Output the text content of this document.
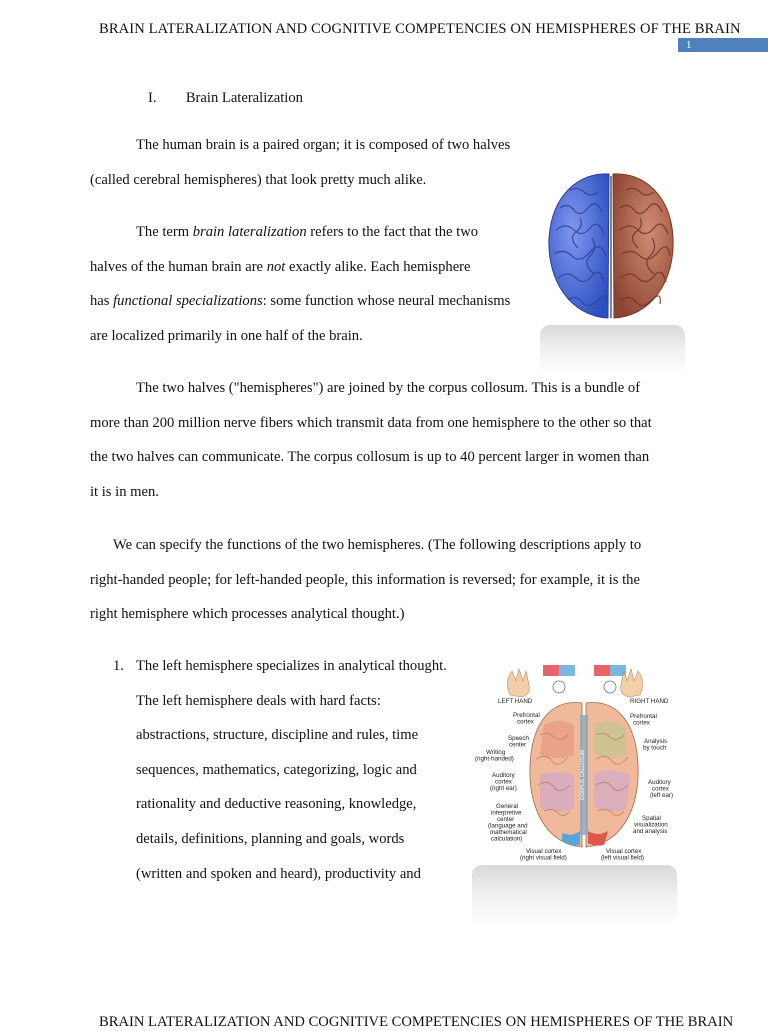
BRAIN LATERALIZATION AND COGNITIVE COMPETENCIES ON HEMISPHERES OF THE BRAIN
1
I. Brain Lateralization
The human brain is a paired organ; it is composed of two halves
(called cerebral hemispheres) that look pretty much alike.
The term brain lateralization refers to the fact that the two
halves of the human brain are not exactly alike. Each hemisphere
has functional specializations: some function whose neural mechanisms
are localized primarily in one half of the brain.
The two halves ("hemispheres") are joined by the corpus collosum. This is a bundle of
more than 200 million nerve fibers which transmit data from one hemisphere to the other so that
the two halves can communicate. The corpus collosum is up to 40 percent larger in women than
it is in men.
We can specify the functions of the two hemispheres. (The following descriptions apply to
right-handed people; for left-handed people, this information is reversed; for example, it is the
right hemisphere which processes analytical thought.)
1. The left hemisphere specializes in analytical thought.
The left hemisphere deals with hard facts:
abstractions, structure, discipline and rules, time
sequences, mathematics, categorizing, logic and
rationality and deductive reasoning, knowledge,
details, definitions, planning and goals, words
(written and spoken and heard), productivity and
CORPUS CALLOSUM
LEFT HAND	RIGHT HAND
Prefrontal cortex
Prefrontal cortex
Speech center
Writing (right-handed)
Analysis by touch
Auditory cortex (right ear)
Auditory cortex (left ear)
General interpretive center (language and mathematical calculation)
Spatial visualization and analysis
Visual cortex (right visual field)
Visual cortex (left visual field)
BRAIN LATERALIZATION AND COGNITIVE COMPETENCIES ON HEMISPHERES OF THE BRAIN
